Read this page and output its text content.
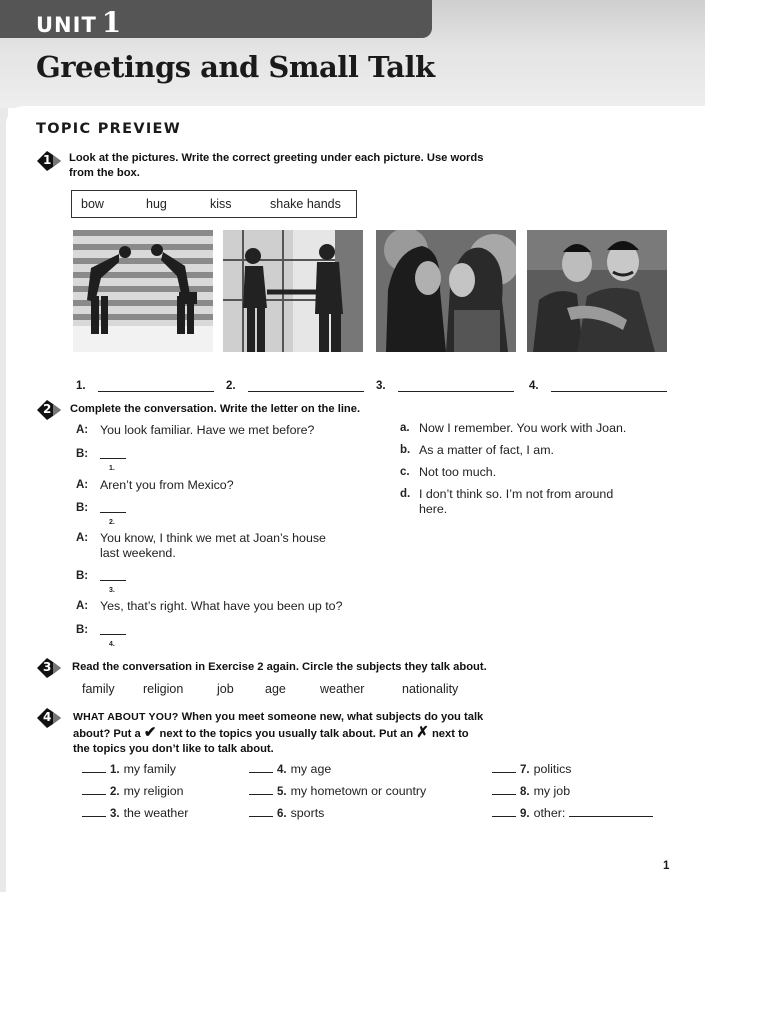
UNIT 1
Greetings and Small Talk
TOPIC PREVIEW
1 Look at the pictures. Write the correct greeting under each picture. Use words
from the box.
bow	hug	kiss	shake hands
1.	2.	3.	4.
2 Complete the conversation. Write the letter on the line.
A: You look familiar. Have we met before?
B:
1.
A: Aren’t you from Mexico?
B:
2.
A: You know, I think we met at Joan’s house
last weekend.
B:
3.
A: Yes, that’s right. What have you been up to?
B:
4.
a. Now I remember. You work with Joan.
b. As a matter of fact, I am.
c. Not too much.
d. I don’t think so. I’m not from around
here.
3 Read the conversation in Exercise 2 again. Circle the subjects they talk about.
family religion	job	age	weather	nationality
4 WHAT ABOUT YOU? When you meet someone new, what subjects do you talk
about? Put a ✔ next to the topics you usually talk about. Put an ✗ next to
the topics you don’t like to talk about.
1. my family
2. my religion
3. the weather
4. my age
5. my hometown or country
6. sports
7. politics
8. my job
9. other:
1
